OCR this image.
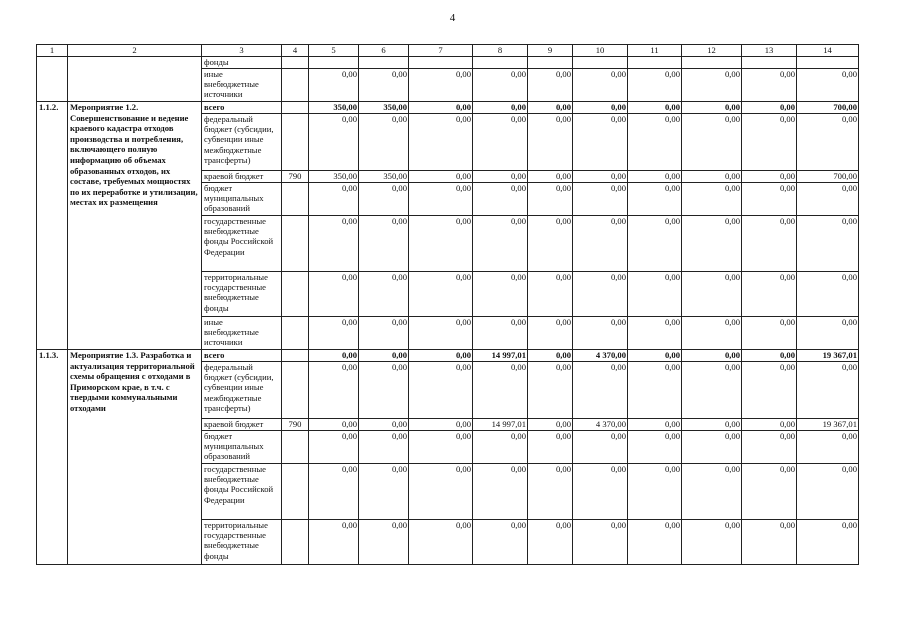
4
1	2	3	4	5	6	7	8	9	10	11	12	13	14
		фонды											
		иные внебюджетные источники		0,00	0,00	0,00	0,00	0,00	0,00	0,00	0,00	0,00	0,00
1.1.2.	Мероприятие 1.2. Совершенствование и ведение краевого кадастра отходов производства и потребления, включающего полную информацию об объемах образованных отходов, их составе, требуемых мощностях по их переработке и утилизации, местах их размещения	всего		350,00	350,00	0,00	0,00	0,00	0,00	0,00	0,00	0,00	700,00
		федеральный бюджет (субсидии, субвенции иные межбюджетные трансферты)		0,00	0,00	0,00	0,00	0,00	0,00	0,00	0,00	0,00	0,00
		краевой бюджет	790	350,00	350,00	0,00	0,00	0,00	0,00	0,00	0,00	0,00	700,00
		бюджет муниципальных образований		0,00	0,00	0,00	0,00	0,00	0,00	0,00	0,00	0,00	0,00
		государственные внебюджетные фонды Российской Федерации		0,00	0,00	0,00	0,00	0,00	0,00	0,00	0,00	0,00	0,00
		территориальные государственные внебюджетные фонды		0,00	0,00	0,00	0,00	0,00	0,00	0,00	0,00	0,00	0,00
		иные внебюджетные источники		0,00	0,00	0,00	0,00	0,00	0,00	0,00	0,00	0,00	0,00
1.1.3.	Мероприятие 1.3. Разработка и актуализация территориальной схемы обращения с отходами в Приморском крае, в т.ч. с твердыми коммунальными отходами	всего		0,00	0,00	0,00	14 997,01	0,00	4 370,00	0,00	0,00	0,00	19 367,01
		федеральный бюджет (субсидии, субвенции иные межбюджетные трансферты)		0,00	0,00	0,00	0,00	0,00	0,00	0,00	0,00	0,00	0,00
		краевой бюджет	790	0,00	0,00	0,00	14 997,01	0,00	4 370,00	0,00	0,00	0,00	19 367,01
		бюджет муниципальных образований		0,00	0,00	0,00	0,00	0,00	0,00	0,00	0,00	0,00	0,00
		государственные внебюджетные фонды Российской Федерации		0,00	0,00	0,00	0,00	0,00	0,00	0,00	0,00	0,00	0,00
		территориальные государственные внебюджетные фонды		0,00	0,00	0,00	0,00	0,00	0,00	0,00	0,00	0,00	0,00
